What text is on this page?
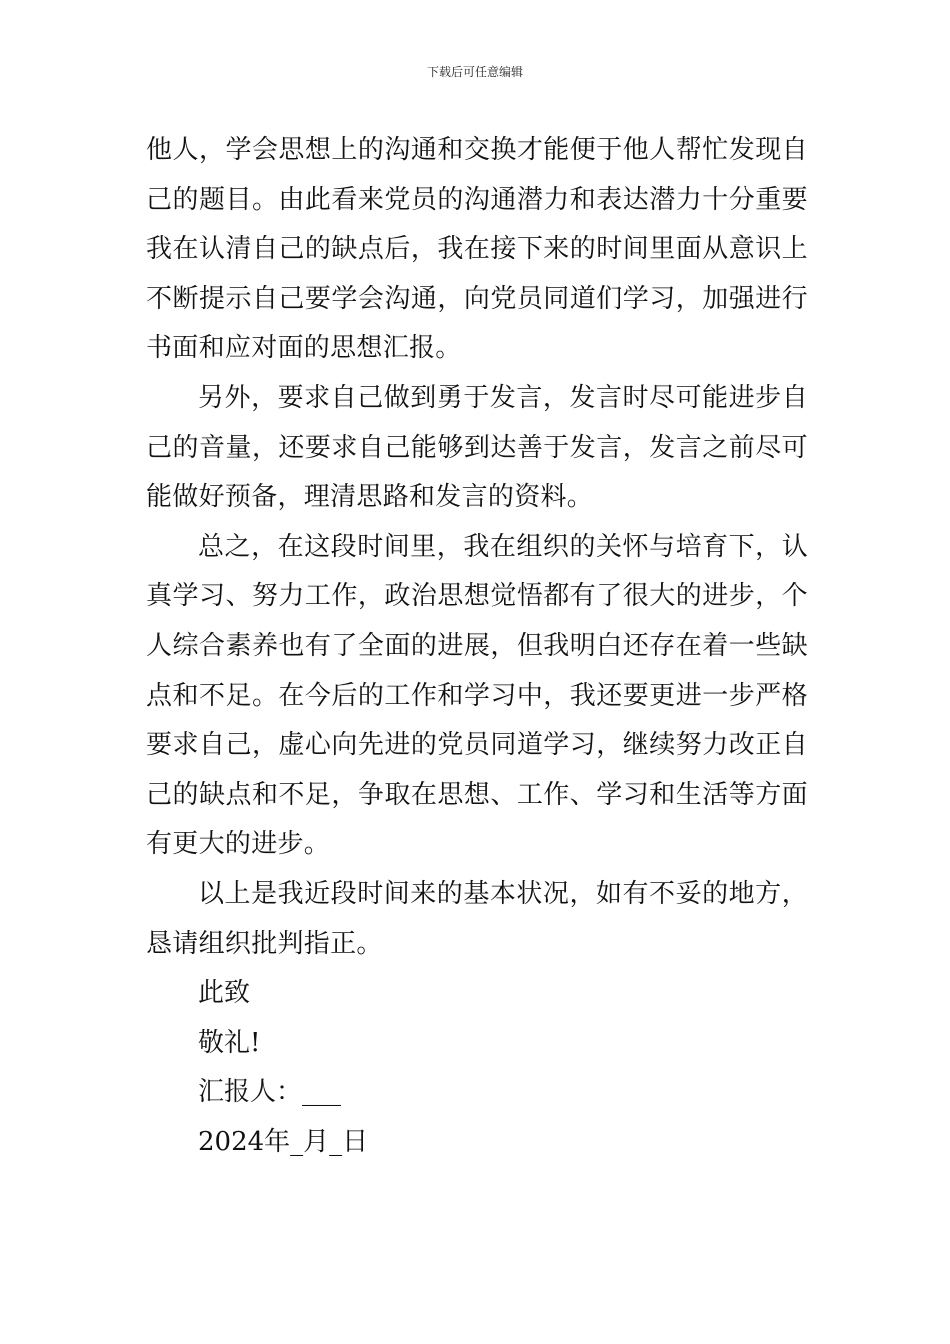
下载后可任意编辑

他人，学会思想上的沟通和交换才能便于他人帮忙发现自己的题目。由此看来党员的沟通潜力和表达潜力十分重要我在认清自己的缺点后，我在接下来的时间里面从意识上不断提示自己要学会沟通，向党员同道们学习，加强进行书面和应对面的思想汇报。

另外，要求自己做到勇于发言，发言时尽可能进步自己的音量，还要求自己能够到达善于发言，发言之前尽可能做好预备，理清思路和发言的资料。

总之，在这段时间里，我在组织的关怀与培育下，认真学习、努力工作，政治思想觉悟都有了很大的进步，个人综合素养也有了全面的进展，但我明白还存在着一些缺点和不足。在今后的工作和学习中，我还要更进一步严格要求自己，虚心向先进的党员同道学习，继续努力改正自己的缺点和不足，争取在思想、工作、学习和生活等方面有更大的进步。

以上是我近段时间来的基本状况，如有不妥的地方，恳请组织批判指正。

此致

敬礼!

汇报人：___

2024年_月_日
